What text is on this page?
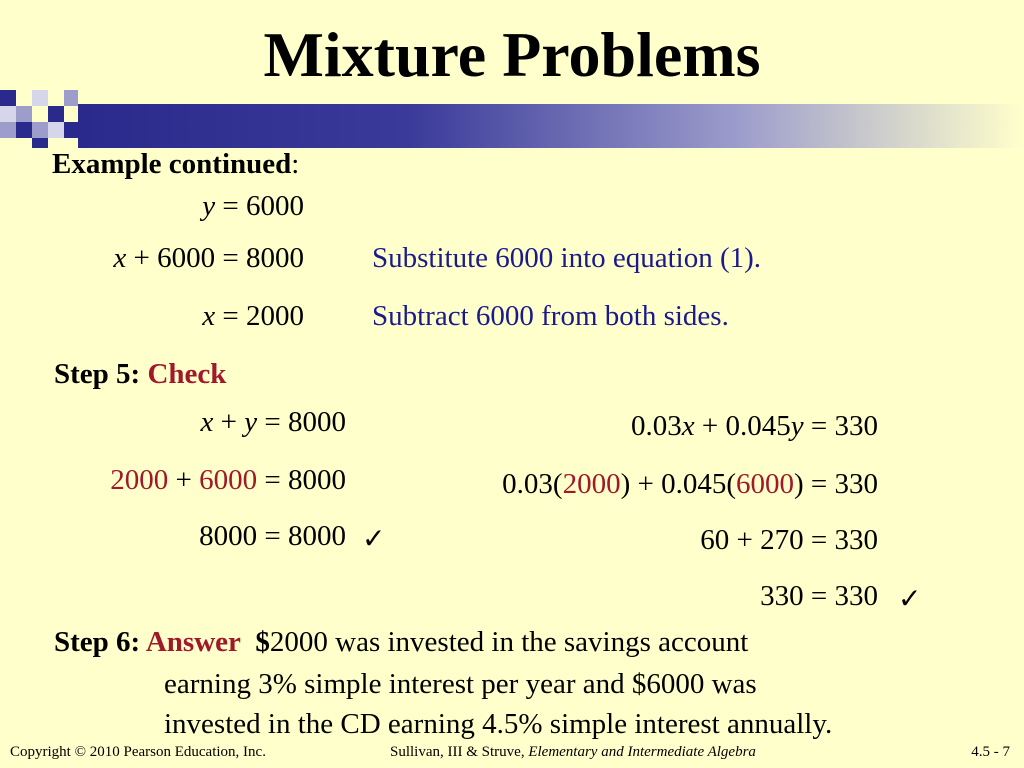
Mixture Problems
Example continued:
y = 6000
x + 6000 = 8000 Substitute 6000 into equation (1).
x = 2000 Subtract 6000 from both sides.
Step 5: Check
x + y = 8000
2000 + 6000 = 8000
8000 = 8000 ✓
0.03x + 0.045y = 330
0.03(2000) + 0.045(6000) = 330
60 + 270 = 330
330 = 330 ✓
Step 6: Answer $2000 was invested in the savings account
earning 3% simple interest per year and $6000 was
invested in the CD earning 4.5% simple interest annually.
Copyright © 2010 Pearson Education, Inc.	Sullivan, III & Struve, Elementary and Intermediate Algebra	4.5 - 7
